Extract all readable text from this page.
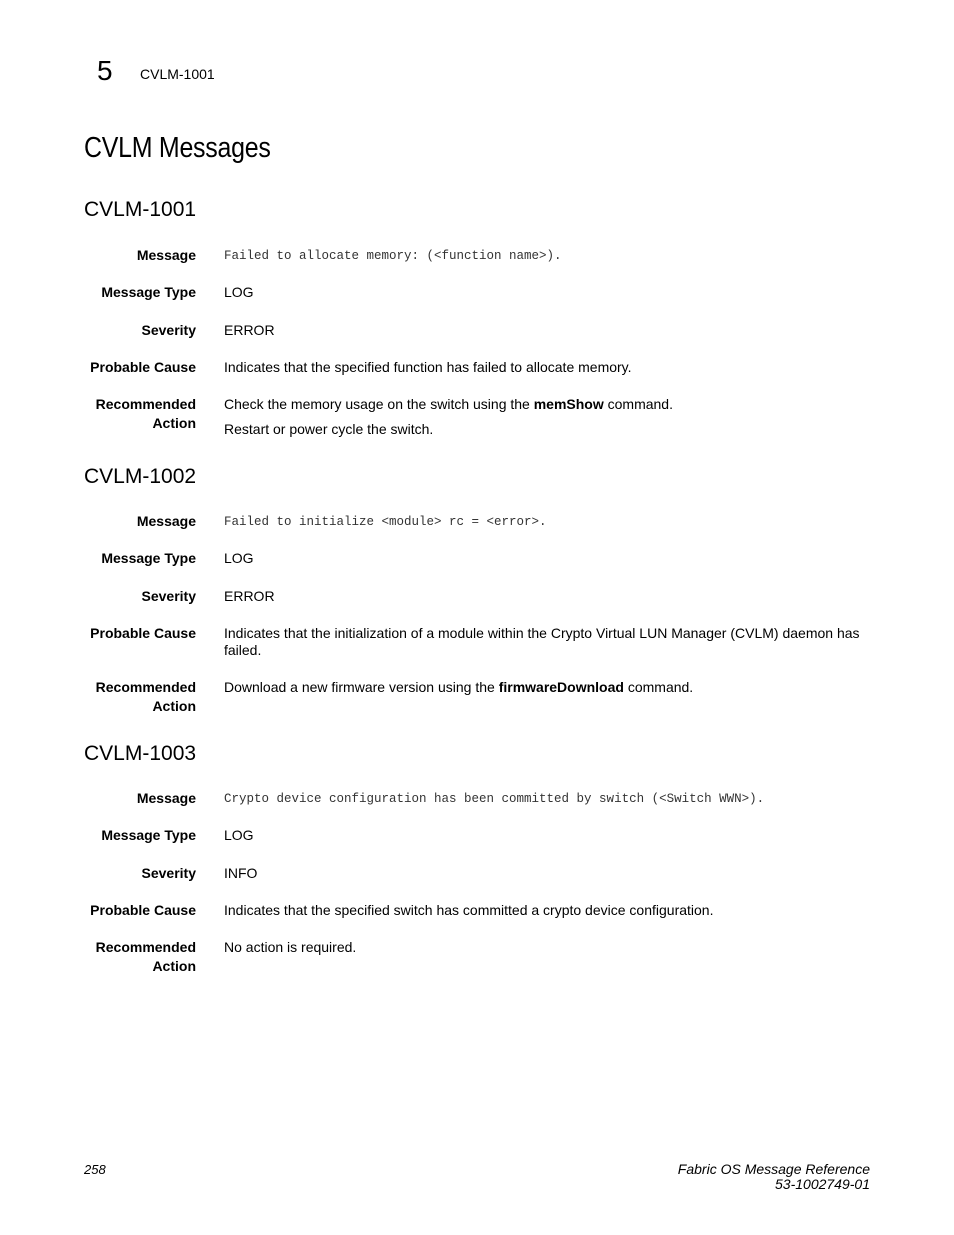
5 CVLM-1001
CVLM Messages
CVLM-1001
Message Failed to allocate memory: (<function name>).
Message Type LOG
Severity ERROR
Probable Cause Indicates that the specified function has failed to allocate memory.
Recommended
Action

Check the memory usage on the switch using the memShow command.

Restart or power cycle the switch.

CVLM-1002
Message Failed to initialize <module> rc = <error>.
Message Type LOG
Severity ERROR
Probable Cause Indicates that the initialization of a module within the Crypto Virtual LUN Manager (CVLM) daemon has failed.
Recommended
Action

Download a new firmware version using the firmwareDownload command.

CVLM-1003
Message Crypto device configuration has been committed by switch (<Switch WWN>).
Message Type LOG
Severity INFO
Probable Cause Indicates that the specified switch has committed a crypto device configuration.
Recommended
Action

No action is required.

258	Fabric OS Message Reference
53-1002749-01
